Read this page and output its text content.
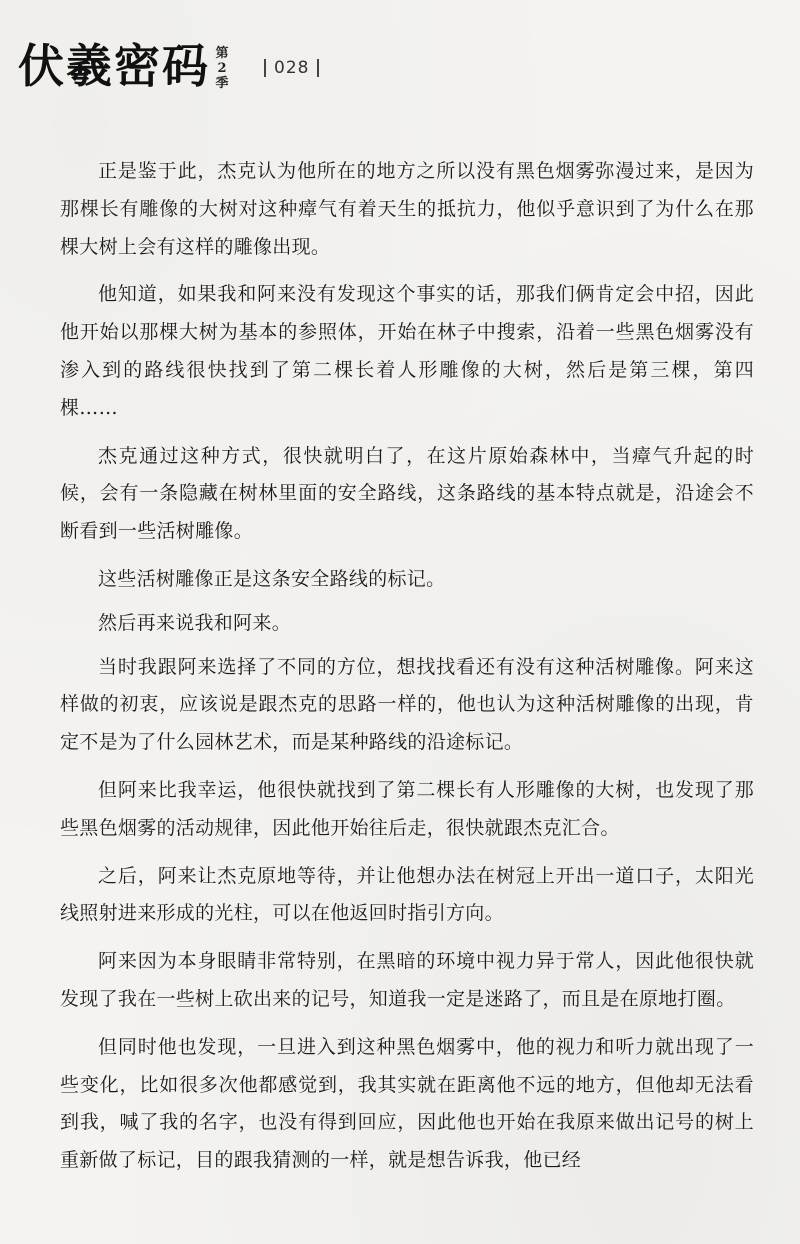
伏羲密码 第
2
季
028

正是鉴于此，杰克认为他所在的地方之所以没有黑色烟雾弥漫过来，是因为那棵长有雕像的大树对这种瘴气有着天生的抵抗力，他似乎意识到了为什么在那棵大树上会有这样的雕像出现。

他知道，如果我和阿来没有发现这个事实的话，那我们俩肯定会中招，因此他开始以那棵大树为基本的参照体，开始在林子中搜索，沿着一些黑色烟雾没有渗入到的路线很快找到了第二棵长着人形雕像的大树，然后是第三棵，第四棵……

杰克通过这种方式，很快就明白了，在这片原始森林中，当瘴气升起的时候，会有一条隐藏在树林里面的安全路线，这条路线的基本特点就是，沿途会不断看到一些活树雕像。

这些活树雕像正是这条安全路线的标记。

然后再来说我和阿来。

当时我跟阿来选择了不同的方位，想找找看还有没有这种活树雕像。阿来这样做的初衷，应该说是跟杰克的思路一样的，他也认为这种活树雕像的出现，肯定不是为了什么园林艺术，而是某种路线的沿途标记。

但阿来比我幸运，他很快就找到了第二棵长有人形雕像的大树，也发现了那些黑色烟雾的活动规律，因此他开始往后走，很快就跟杰克汇合。

之后，阿来让杰克原地等待，并让他想办法在树冠上开出一道口子，太阳光线照射进来形成的光柱，可以在他返回时指引方向。

阿来因为本身眼睛非常特别，在黑暗的环境中视力异于常人，因此他很快就发现了我在一些树上砍出来的记号，知道我一定是迷路了，而且是在原地打圈。

但同时他也发现，一旦进入到这种黑色烟雾中，他的视力和听力就出现了一些变化，比如很多次他都感觉到，我其实就在距离他不远的地方，但他却无法看到我，喊了我的名字，也没有得到回应，因此他也开始在我原来做出记号的树上重新做了标记，目的跟我猜测的一样，就是想告诉我，他已经
